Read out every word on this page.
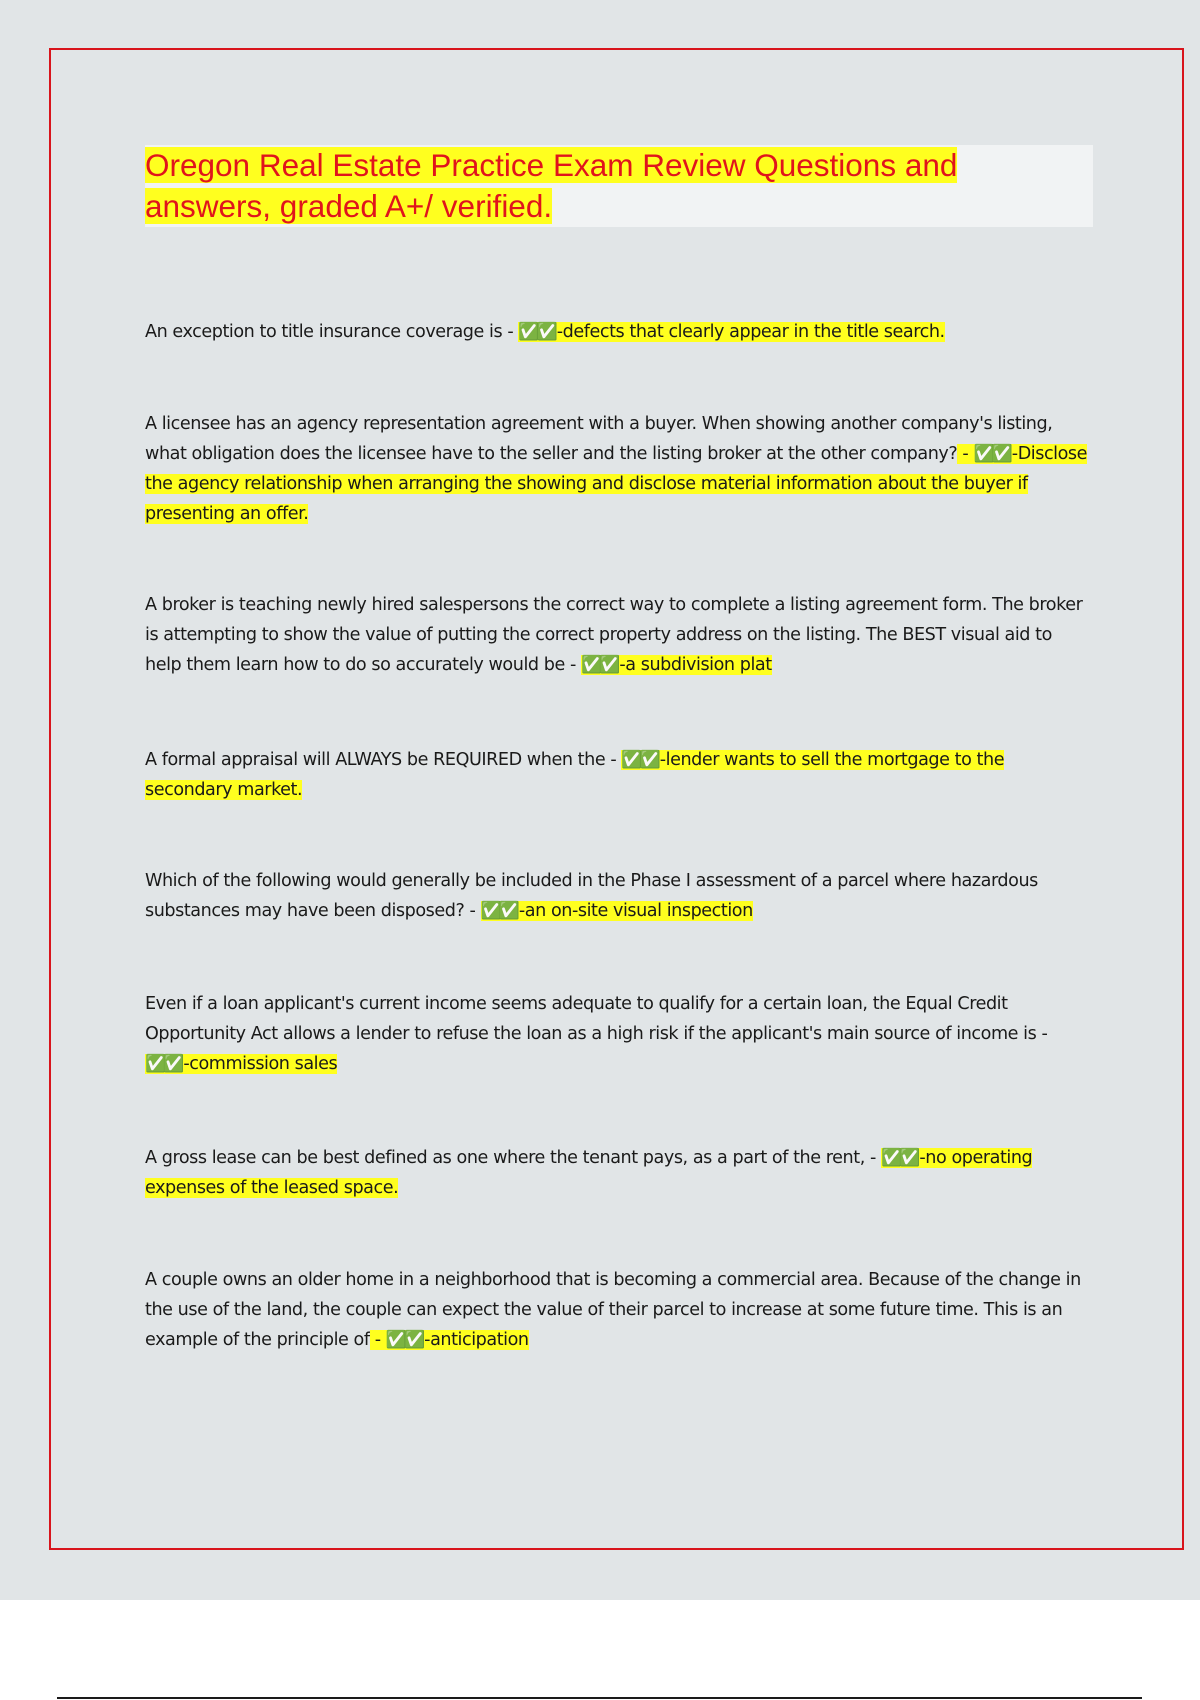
Oregon Real Estate Practice Exam Review Questions and answers, graded A+/ verified.

An exception to title insurance coverage is - ✅✅ -defects that clearly appear in the title search.

A licensee has an agency representation agreement with a buyer. When showing another company's listing, what obligation does the licensee have to the seller and the listing broker at the other company? - ✅✅ -Disclose the agency relationship when arranging the showing and disclose material information about the buyer if presenting an offer.

A broker is teaching newly hired salespersons the correct way to complete a listing agreement form. The broker is attempting to show the value of putting the correct property address on the listing. The BEST visual aid to help them learn how to do so accurately would be - ✅✅ -a subdivision plat

A formal appraisal will ALWAYS be REQUIRED when the - ✅✅ -lender wants to sell the mortgage to the secondary market.

Which of the following would generally be included in the Phase I assessment of a parcel where hazardous substances may have been disposed? - ✅✅ -an on-site visual inspection

Even if a loan applicant's current income seems adequate to qualify for a certain loan, the Equal Credit Opportunity Act allows a lender to refuse the loan as a high risk if the applicant's main source of income is - ✅✅ -commission sales

A gross lease can be best defined as one where the tenant pays, as a part of the rent, - ✅✅ -no operating expenses of the leased space.

A couple owns an older home in a neighborhood that is becoming a commercial area. Because of the change in the use of the land, the couple can expect the value of their parcel to increase at some future time. This is an example of the principle of - ✅✅ -anticipation
